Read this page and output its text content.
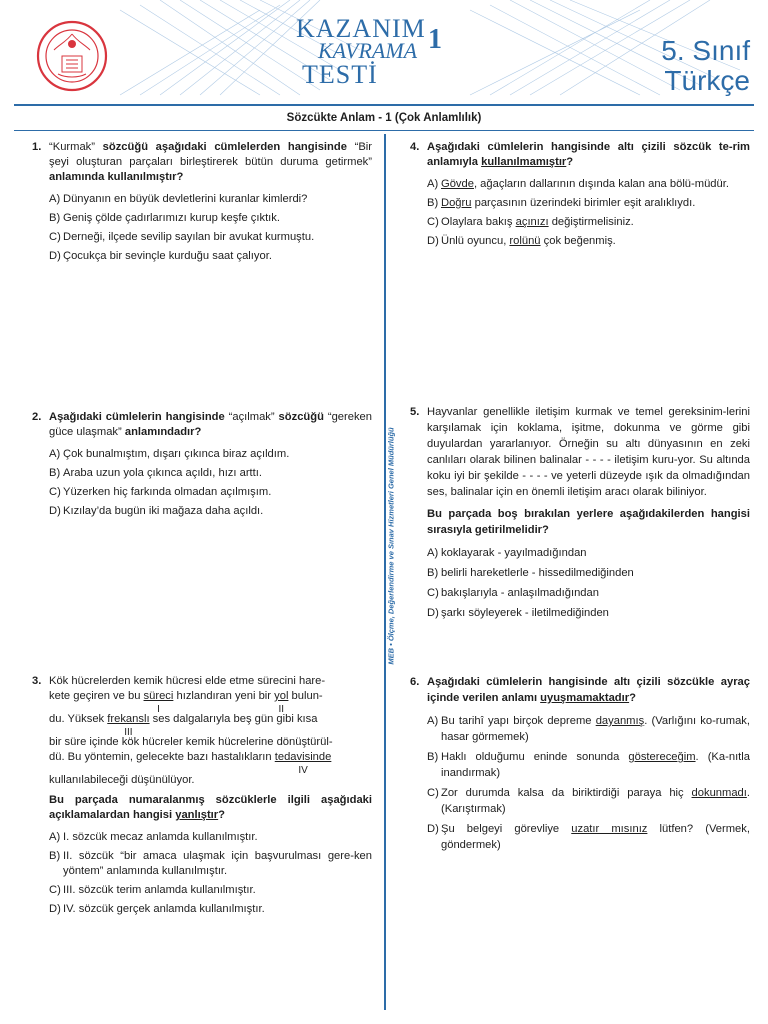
KAZANIM
KAVRAMA
TESTİ
1	5. Sınıf
Türkçe
Sözcükte Anlam - 1 (Çok Anlamlılık)
MEB • Ölçme, Değerlendirme ve Sınav Hizmetleri Genel Müdürlüğü
1. “Kurmak” sözcüğü aşağıdaki cümlelerden hangisinde “Bir şeyi oluşturan parçaları birleştirerek bütün duruma getirmek” anlamında kullanılmıştır?
A) Dünyanın en büyük devletlerini kuranlar kimlerdi?
B) Geniş çölde çadırlarımızı kurup keşfe çıktık.
C) Derneği, ilçede sevilip sayılan bir avukat kurmuştu.
D) Çocukça bir sevinçle kurduğu saat çalıyor.
2. Aşağıdaki cümlelerin hangisinde “açılmak” sözcüğü “gereken güce ulaşmak” anlamındadır?
A) Çok bunalmıştım, dışarı çıkınca biraz açıldım.
B) Araba uzun yola çıkınca açıldı, hızı arttı.
C) Yüzerken hiç farkında olmadan açılmışım.
D) Kızılay’da bugün iki mağaza daha açıldı.
3. Kök hücrelerden kemik hücresi elde etme sürecini hare-
kete geçiren ve bu süreci
I
hızlandıran yeni bir yol
II
bulun-
du. Yüksek frekanslı
III
ses dalgalarıyla beş gün gibi kısa
bir süre içinde kök hücreler kemik hücrelerine dönüştürül-
dü. Bu yöntemin, gelecekte bazı hastalıkların tedavisinde
IV
kullanılabileceği düşünülüyor.
Bu parçada numaralanmış sözcüklerle ilgili aşağıdaki açıklamalardan hangisi yanlıştır?
A) I. sözcük mecaz anlamda kullanılmıştır.
B) II. sözcük “bir amaca ulaşmak için başvurulması gere-ken yöntem” anlamında kullanılmıştır.
C) III. sözcük terim anlamda kullanılmıştır.
D) IV. sözcük gerçek anlamda kullanılmıştır.
4. Aşağıdaki cümlelerin hangisinde altı çizili sözcük te-rim anlamıyla kullanılmamıştır?
A) Gövde, ağaçların dallarının dışında kalan ana bölü-müdür.
B) Doğru parçasının üzerindeki birimler eşit aralıklıydı.
C) Olaylara bakış açınızı değiştirmelisiniz.
D) Ünlü oyuncu, rolünü çok beğenmiş.
5. Hayvanlar genellikle iletişim kurmak ve temel gereksinim-lerini karşılamak için koklama, işitme, dokunma ve görme gibi duyulardan yararlanıyor. Örneğin su altı dünyasının en zeki canlıları olarak bilinen balinalar - - - - iletişim kuru-yor. Su altında koku iyi bir şekilde - - - - ve yeterli düzeyde ışık da olmadığından ses, balinalar için en önemli iletişim aracı olarak biliniyor.
Bu parçada boş bırakılan yerlere aşağıdakilerden hangisi sırasıyla getirilmelidir?
A) koklayarak - yayılmadığından
B) belirli hareketlerle - hissedilmediğinden
C) bakışlarıyla - anlaşılmadığından
D) şarkı söyleyerek - iletilmediğinden
6. Aşağıdaki cümlelerin hangisinde altı çizili sözcükle ayraç içinde verilen anlamı uyuşmamaktadır?
A) Bu tarihî yapı birçok depreme dayanmış. (Varlığını ko-rumak, hasar görmemek)
B) Haklı olduğumu eninde sonunda göstereceğim. (Ka-nıtla inandırmak)
C) Zor durumda kalsa da biriktirdiği paraya hiç dokunmadı. (Karıştırmak)
D) Şu belgeyi görevliye uzatır mısınız lütfen? (Vermek, göndermek)
